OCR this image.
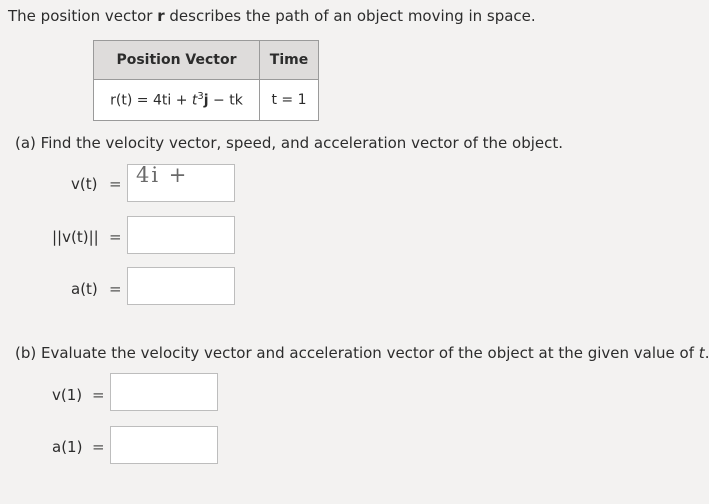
The position vector r describes the path of an object moving in space.
Position Vector	Time
$r(t) = 4ti + t^3j$ − tk	t = 1
(a) Find the velocity vector, speed, and acceleration vector of the object.
v(t) = 4i +
||v(t)|| =
a(t) =
(b) Evaluate the velocity vector and acceleration vector of the object at the given value of t.
v(1) =
a(1) =
